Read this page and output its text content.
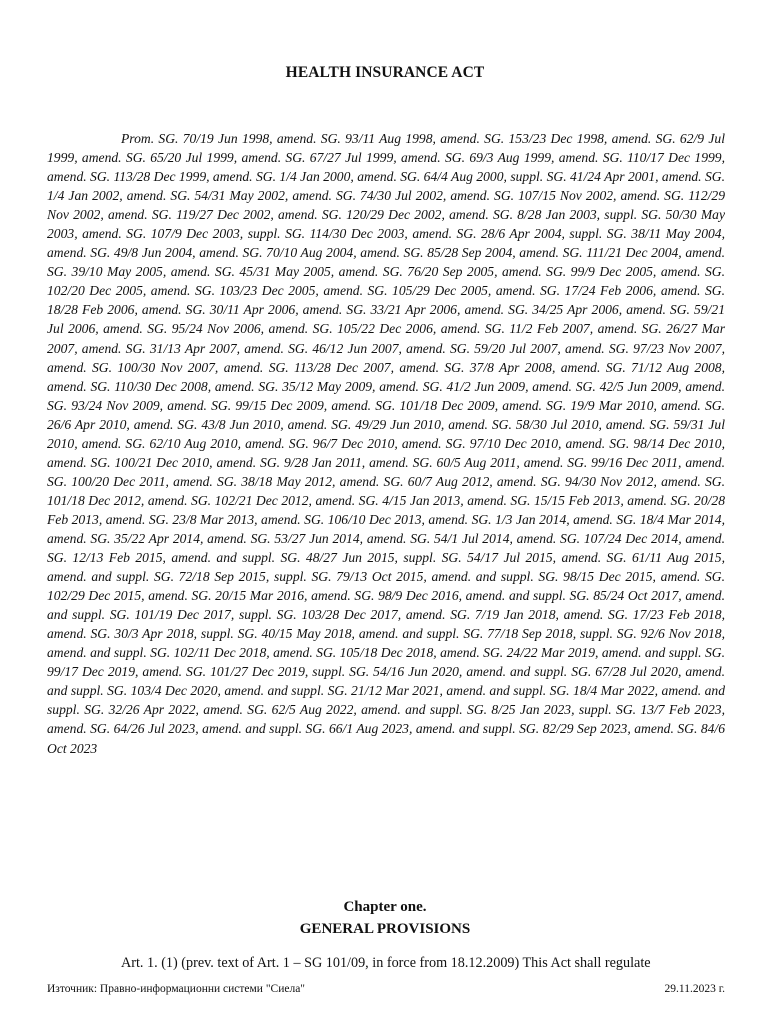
HEALTH INSURANCE ACT

Prom. SG. 70/19 Jun 1998, amend. SG. 93/11 Aug 1998, amend. SG. 153/23 Dec 1998, amend. SG. 62/9 Jul 1999, amend. SG. 65/20 Jul 1999, amend. SG. 67/27 Jul 1999, amend. SG. 69/3 Aug 1999, amend. SG. 110/17 Dec 1999, amend. SG. 113/28 Dec 1999, amend. SG. 1/4 Jan 2000, amend. SG. 64/4 Aug 2000, suppl. SG. 41/24 Apr 2001, amend. SG. 1/4 Jan 2002, amend. SG. 54/31 May 2002, amend. SG. 74/30 Jul 2002, amend. SG. 107/15 Nov 2002, amend. SG. 112/29 Nov 2002, amend. SG. 119/27 Dec 2002, amend. SG. 120/29 Dec 2002, amend. SG. 8/28 Jan 2003, suppl. SG. 50/30 May 2003, amend. SG. 107/9 Dec 2003, suppl. SG. 114/30 Dec 2003, amend. SG. 28/6 Apr 2004, suppl. SG. 38/11 May 2004, amend. SG. 49/8 Jun 2004, amend. SG. 70/10 Aug 2004, amend. SG. 85/28 Sep 2004, amend. SG. 111/21 Dec 2004, amend. SG. 39/10 May 2005, amend. SG. 45/31 May 2005, amend. SG. 76/20 Sep 2005, amend. SG. 99/9 Dec 2005, amend. SG. 102/20 Dec 2005, amend. SG. 103/23 Dec 2005, amend. SG. 105/29 Dec 2005, amend. SG. 17/24 Feb 2006, amend. SG. 18/28 Feb 2006, amend. SG. 30/11 Apr 2006, amend. SG. 33/21 Apr 2006, amend. SG. 34/25 Apr 2006, amend. SG. 59/21 Jul 2006, amend. SG. 95/24 Nov 2006, amend. SG. 105/22 Dec 2006, amend. SG. 11/2 Feb 2007, amend. SG. 26/27 Mar 2007, amend. SG. 31/13 Apr 2007, amend. SG. 46/12 Jun 2007, amend. SG. 59/20 Jul 2007, amend. SG. 97/23 Nov 2007, amend. SG. 100/30 Nov 2007, amend. SG. 113/28 Dec 2007, amend. SG. 37/8 Apr 2008, amend. SG. 71/12 Aug 2008, amend. SG. 110/30 Dec 2008, amend. SG. 35/12 May 2009, amend. SG. 41/2 Jun 2009, amend. SG. 42/5 Jun 2009, amend. SG. 93/24 Nov 2009, amend. SG. 99/15 Dec 2009, amend. SG. 101/18 Dec 2009, amend. SG. 19/9 Mar 2010, amend. SG. 26/6 Apr 2010, amend. SG. 43/8 Jun 2010, amend. SG. 49/29 Jun 2010, amend. SG. 58/30 Jul 2010, amend. SG. 59/31 Jul 2010, amend. SG. 62/10 Aug 2010, amend. SG. 96/7 Dec 2010, amend. SG. 97/10 Dec 2010, amend. SG. 98/14 Dec 2010, amend. SG. 100/21 Dec 2010, amend. SG. 9/28 Jan 2011, amend. SG. 60/5 Aug 2011, amend. SG. 99/16 Dec 2011, amend. SG. 100/20 Dec 2011, amend. SG. 38/18 May 2012, amend. SG. 60/7 Aug 2012, amend. SG. 94/30 Nov 2012, amend. SG. 101/18 Dec 2012, amend. SG. 102/21 Dec 2012, amend. SG. 4/15 Jan 2013, amend. SG. 15/15 Feb 2013, amend. SG. 20/28 Feb 2013, amend. SG. 23/8 Mar 2013, amend. SG. 106/10 Dec 2013, amend. SG. 1/3 Jan 2014, amend. SG. 18/4 Mar 2014, amend. SG. 35/22 Apr 2014, amend. SG. 53/27 Jun 2014, amend. SG. 54/1 Jul 2014, amend. SG. 107/24 Dec 2014, amend. SG. 12/13 Feb 2015, amend. and suppl. SG. 48/27 Jun 2015, suppl. SG. 54/17 Jul 2015, amend. SG. 61/11 Aug 2015, amend. and suppl. SG. 72/18 Sep 2015, suppl. SG. 79/13 Oct 2015, amend. and suppl. SG. 98/15 Dec 2015, amend. SG. 102/29 Dec 2015, amend. SG. 20/15 Mar 2016, amend. SG. 98/9 Dec 2016, amend. and suppl. SG. 85/24 Oct 2017, amend. and suppl. SG. 101/19 Dec 2017, suppl. SG. 103/28 Dec 2017, amend. SG. 7/19 Jan 2018, amend. SG. 17/23 Feb 2018, amend. SG. 30/3 Apr 2018, suppl. SG. 40/15 May 2018, amend. and suppl. SG. 77/18 Sep 2018, suppl. SG. 92/6 Nov 2018, amend. and suppl. SG. 102/11 Dec 2018, amend. SG. 105/18 Dec 2018, amend. SG. 24/22 Mar 2019, amend. and suppl. SG. 99/17 Dec 2019, amend. SG. 101/27 Dec 2019, suppl. SG. 54/16 Jun 2020, amend. and suppl. SG. 67/28 Jul 2020, amend. and suppl. SG. 103/4 Dec 2020, amend. and suppl. SG. 21/12 Mar 2021, amend. and suppl. SG. 18/4 Mar 2022, amend. and suppl. SG. 32/26 Apr 2022, amend. SG. 62/5 Aug 2022, amend. and suppl. SG. 8/25 Jan 2023, suppl. SG. 13/7 Feb 2023, amend. SG. 64/26 Jul 2023, amend. and suppl. SG. 66/1 Aug 2023, amend. and suppl. SG. 82/29 Sep 2023, amend. SG. 84/6 Oct 2023

Chapter one.
GENERAL PROVISIONS

Art. 1. (1) (prev. text of Art. 1 – SG 101/09, in force from 18.12.2009) This Act shall regulate

Източник: Правно-информационни системи "Сиела"	29.11.2023 г.
